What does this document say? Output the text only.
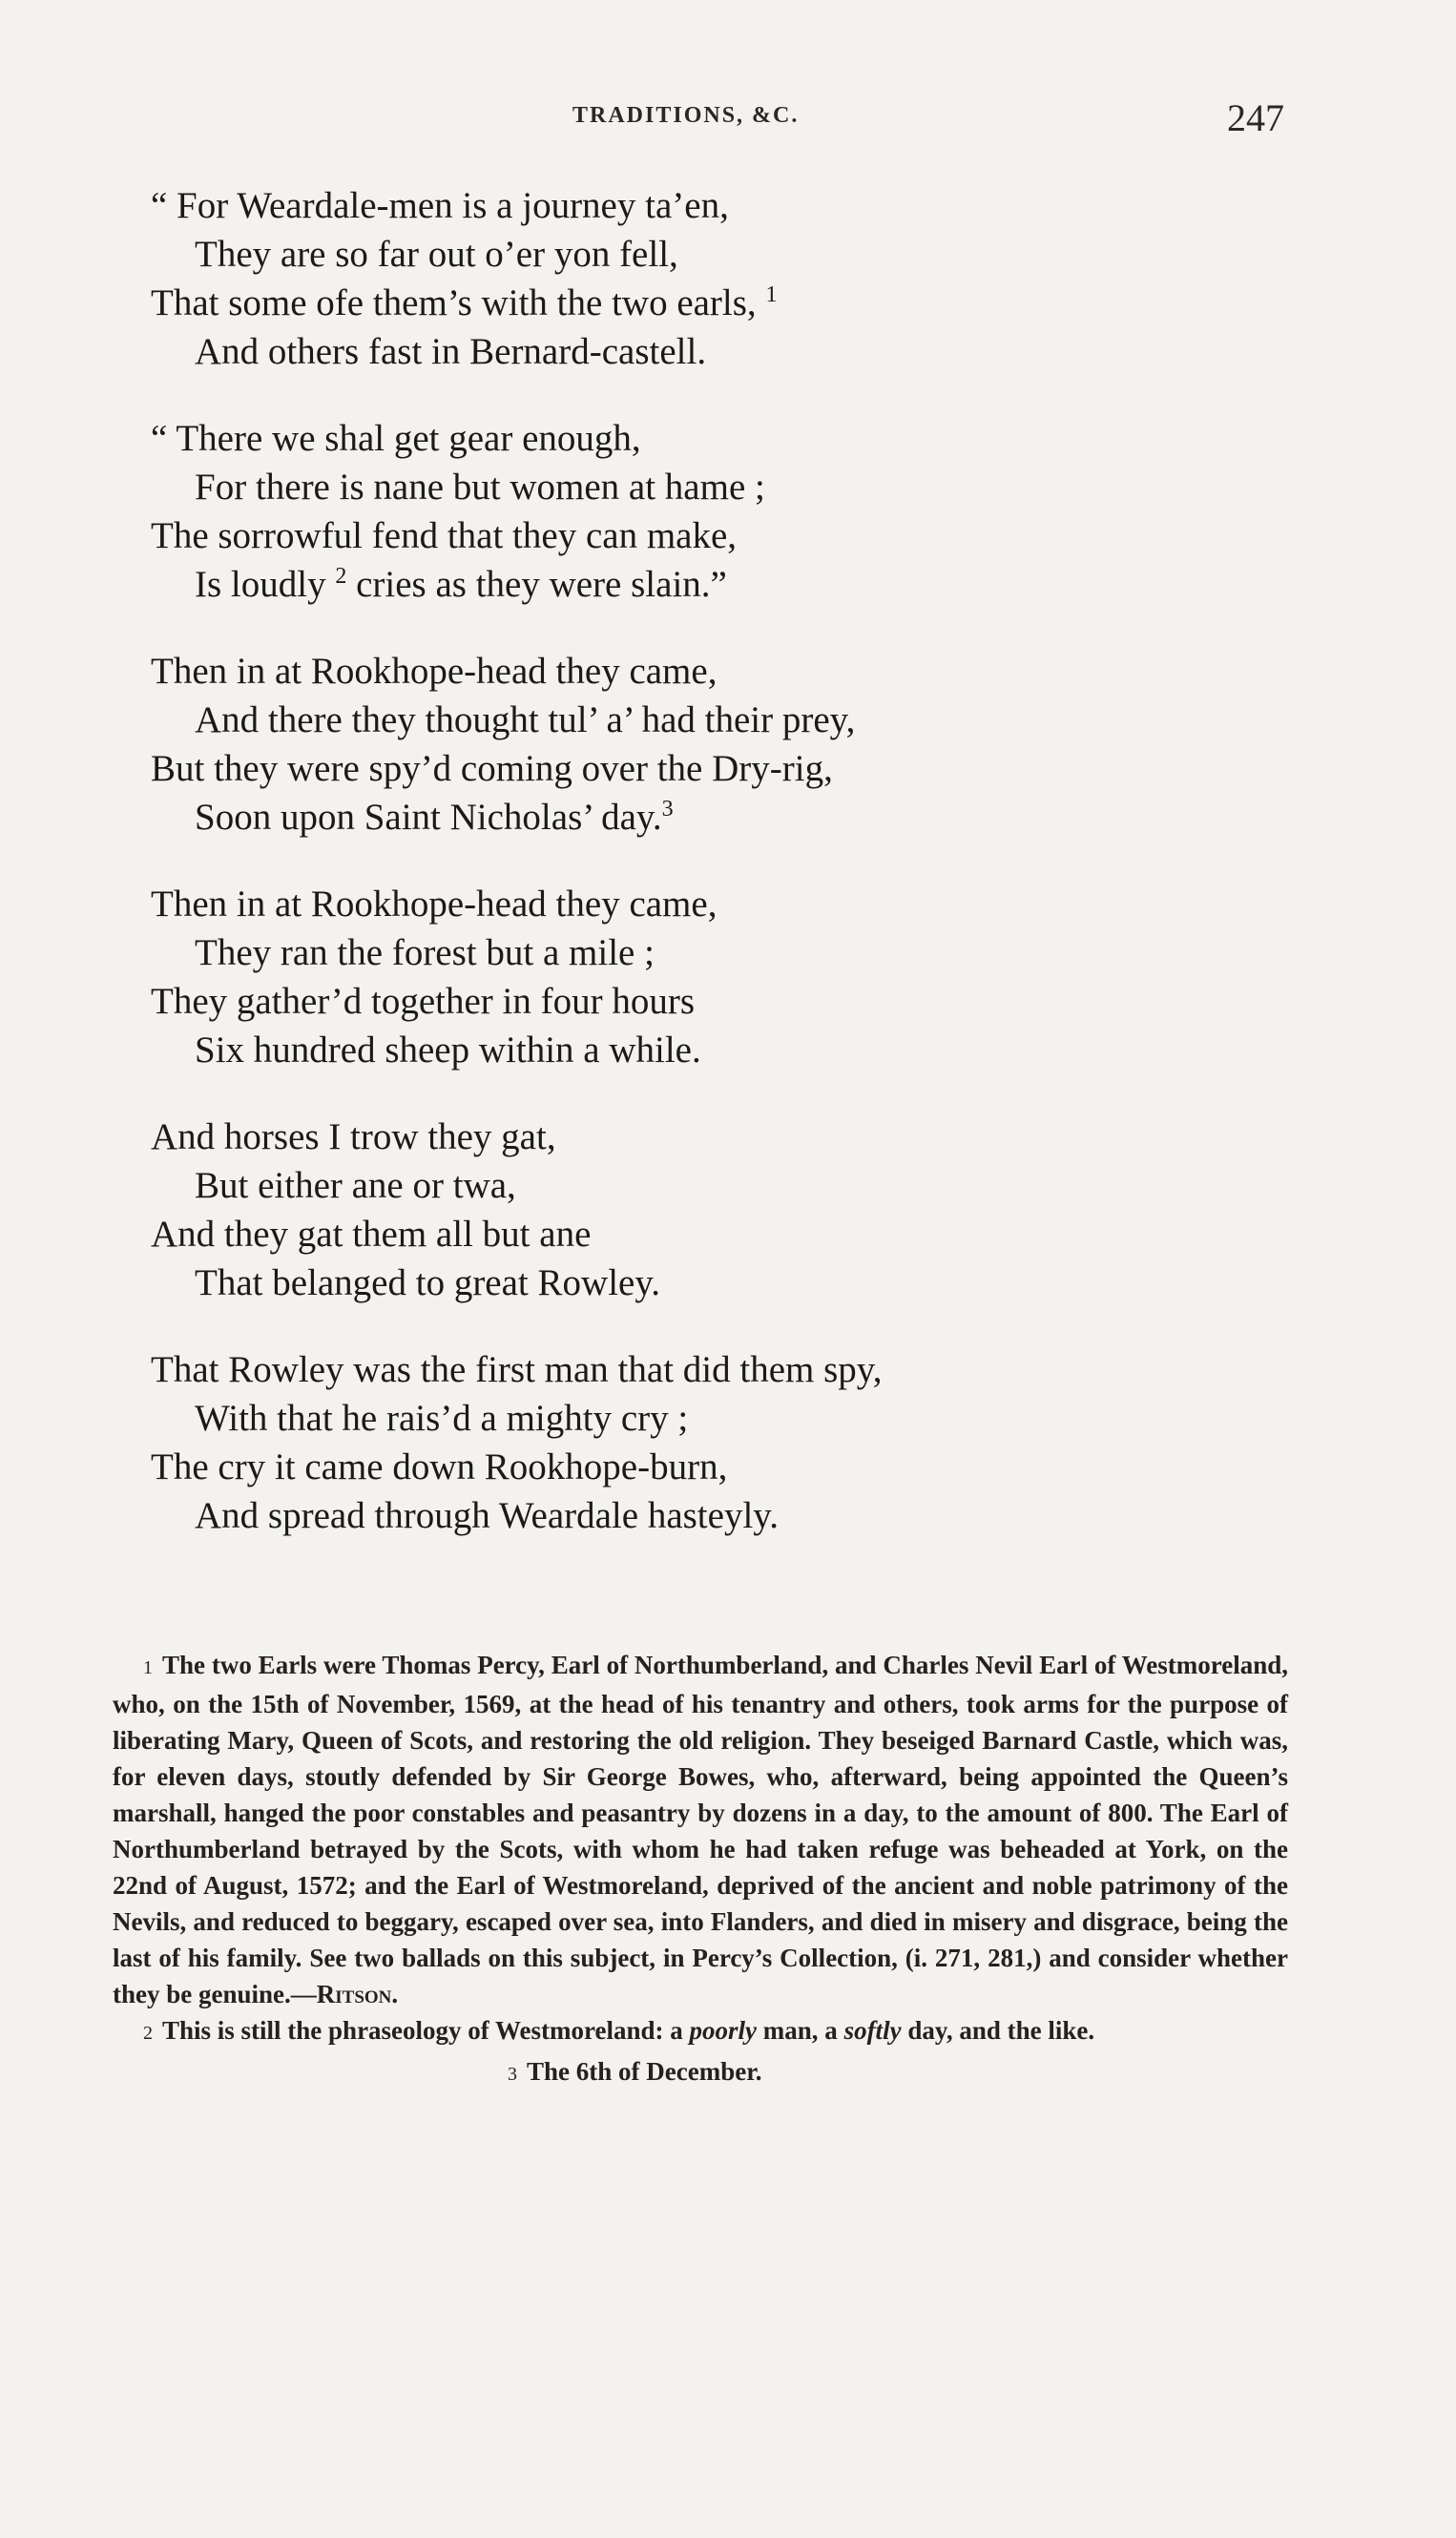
TRADITIONS, &C.	247
“ For Weardale-men is a journey ta’en,
They are so far out o’er yon fell,
That some ofe them’s with the two earls, $^1$
And others fast in Bernard-castell.
“ There we shal get gear enough,
For there is nane but women at hame ;
The sorrowful fend that they can make,
Is loudly $^2$ cries as they were slain.”
Then in at Rookhope-head they came,
And there they thought tul’ a’ had their prey,
But they were spy’d coming over the Dry-rig,
Soon upon Saint Nicholas’ day.$^3$
Then in at Rookhope-head they came,
They ran the forest but a mile ;
They gather’d together in four hours
Six hundred sheep within a while.
And horses I trow they gat,
But either ane or twa,
And they gat them all but ane
That belanged to great Rowley.
That Rowley was the first man that did them spy,
With that he rais’d a mighty cry ;
The cry it came down Rookhope-burn,
And spread through Weardale hasteyly.

1 The two Earls were Thomas Percy, Earl of Northumberland, and Charles Nevil Earl of Westmoreland, who, on the 15th of November, 1569, at the head of his tenantry and others, took arms for the purpose of liberating Mary, Queen of Scots, and restoring the old religion. They beseiged Barnard Castle, which was, for eleven days, stoutly defended by Sir George Bowes, who, afterward, being appointed the Queen’s marshall, hanged the poor constables and peasantry by dozens in a day, to the amount of 800. The Earl of Northumberland betrayed by the Scots, with whom he had taken refuge was beheaded at York, on the 22nd of August, 1572; and the Earl of Westmoreland, deprived of the ancient and noble patrimony of the Nevils, and reduced to beggary, escaped over sea, into Flanders, and died in misery and disgrace, being the last of his family. See two ballads on this subject, in Percy’s Collection, (i. 271, 281,) and consider whether they be genuine.—Ritson.

2 This is still the phraseology of Westmoreland: a poorly man, a softly day, and the like.

3 The 6th of December.
